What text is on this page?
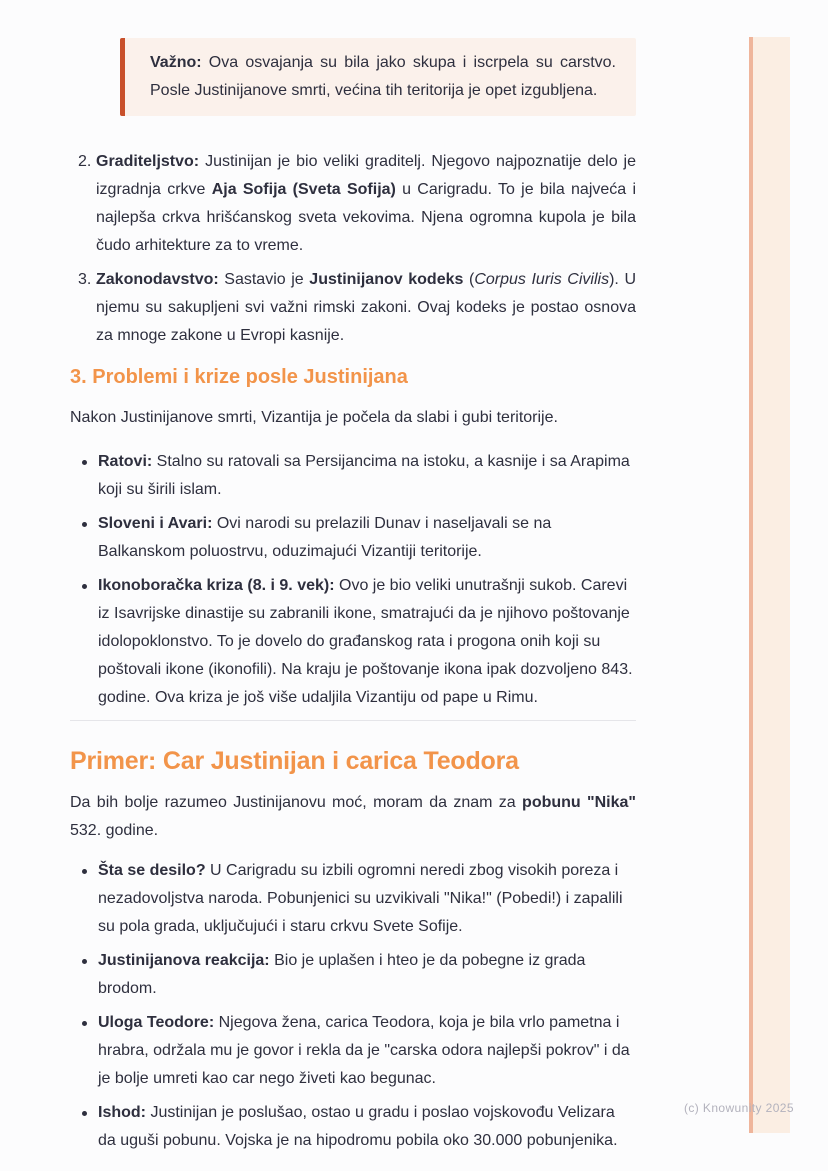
Važno: Ova osvajanja su bila jako skupa i iscrpela su carstvo. Posle Justinijanove smrti, većina tih teritorija je opet izgubljena.

2. Graditeljstvo: Justinijan je bio veliki graditelj. Njegovo najpoznatije delo je izgradnja crkve Aja Sofija (Sveta Sofija) u Carigradu. To je bila najveća i najlepša crkva hrišćanskog sveta vekovima. Njena ogromna kupola je bila čudo arhitekture za to vreme.
3. Zakonodavstvo: Sastavio je Justinijanov kodeks (Corpus Iuris Civilis). U njemu su sakupljeni svi važni rimski zakoni. Ovaj kodeks je postao osnova za mnoge zakone u Evropi kasnije.
3. Problemi i krize posle Justinijana

Nakon Justinijanove smrti, Vizantija je počela da slabi i gubi teritorije.

Ratovi: Stalno su ratovali sa Persijancima na istoku, a kasnije i sa Arapima koji su širili islam.
Sloveni i Avari: Ovi narodi su prelazili Dunav i naseljavali se na Balkanskom poluostrvu, oduzimajući Vizantiji teritorije.
Ikonoboračka kriza (8. i 9. vek): Ovo je bio veliki unutrašnji sukob. Carevi iz Isavrijske dinastije su zabranili ikone, smatrajući da je njihovo poštovanje idolopoklonstvo. To je dovelo do građanskog rata i progona onih koji su poštovali ikone (ikonofili). Na kraju je poštovanje ikona ipak dozvoljeno 843. godine. Ova kriza je još više udaljila Vizantiju od pape u Rimu.
Primer: Car Justinijan i carica Teodora

Da bih bolje razumeo Justinijanovu moć, moram da znam za pobunu "Nika" 532. godine.

Šta se desilo? U Carigradu su izbili ogromni neredi zbog visokih poreza i nezadovoljstva naroda. Pobunjenici su uzvikivali "Nika!" (Pobedi!) i zapalili su pola grada, uključujući i staru crkvu Svete Sofije.
Justinijanova reakcija: Bio je uplašen i hteo je da pobegne iz grada brodom.
Uloga Teodore: Njegova žena, carica Teodora, koja je bila vrlo pametna i hrabra, održala mu je govor i rekla da je "carska odora najlepši pokrov" i da je bolje umreti kao car nego živeti kao begunac.
Ishod: Justinijan je poslušao, ostao u gradu i poslao vojskovođu Velizara da uguši pobunu. Vojska je na hipodromu pobila oko 30.000 pobunjenika.
(c) Knowunity 2025
